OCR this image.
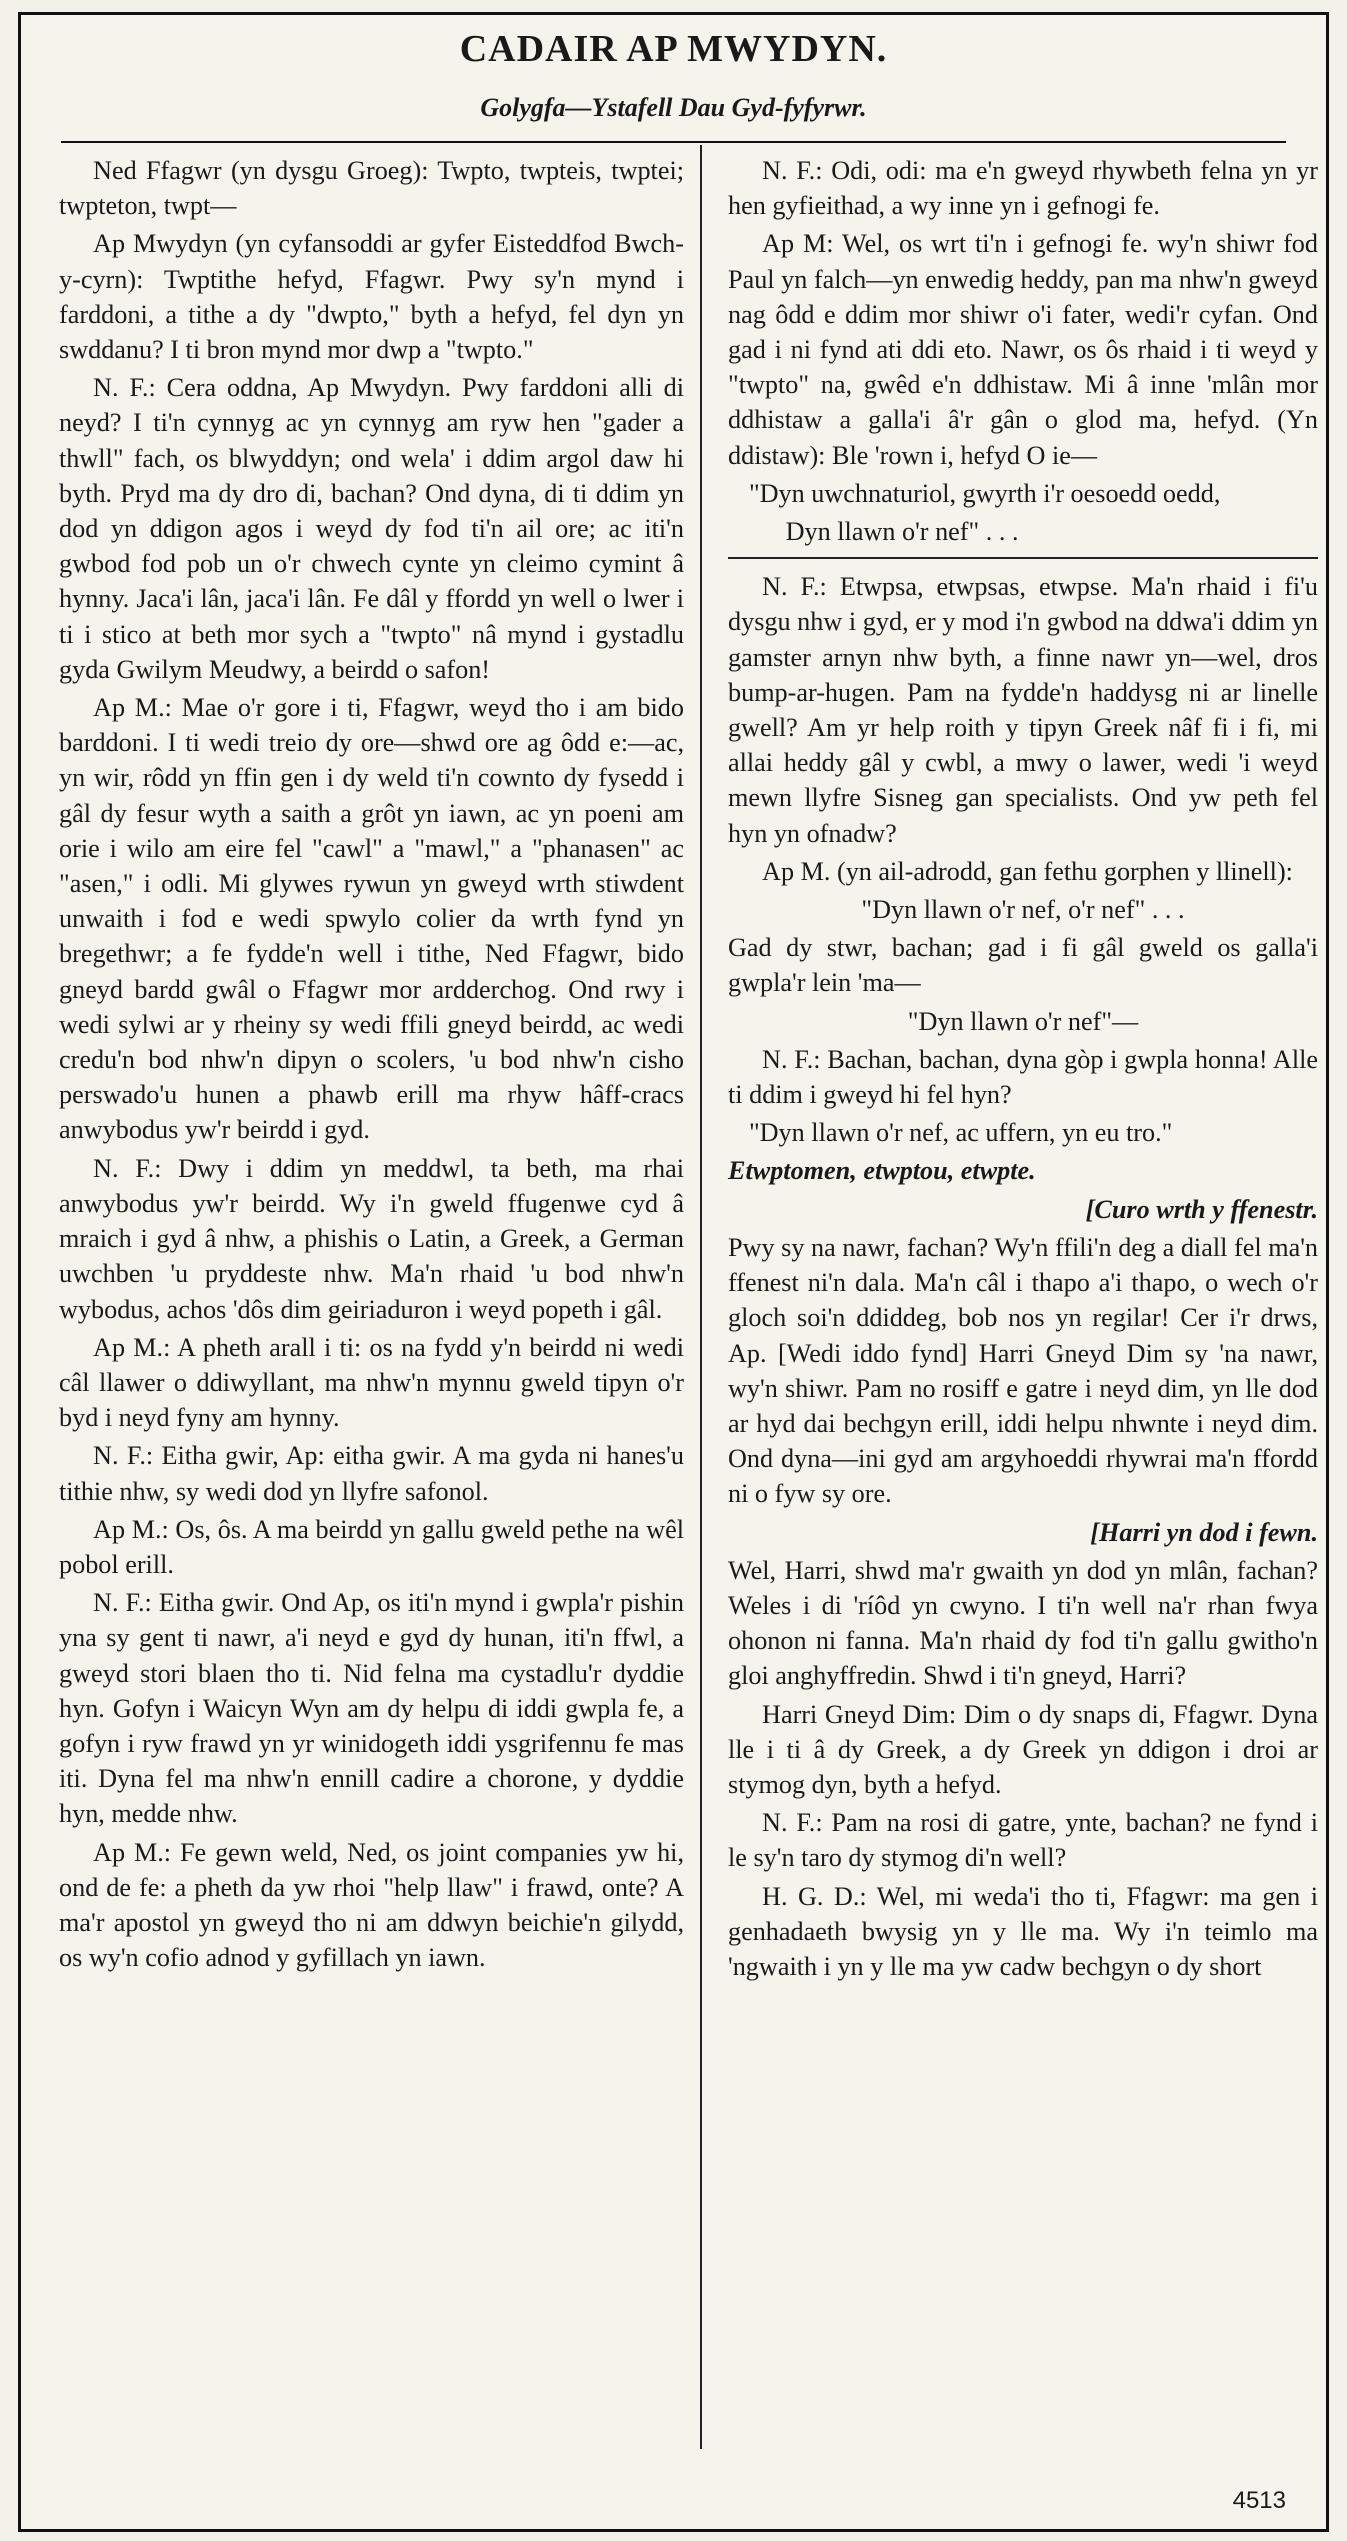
CADAIR AP MWYDYN.
Golygfa—Ystafell Dau Gyd-fyfyrwr.

Ned Ffagwr (yn dysgu Groeg): Twpto, twpteis, twptei; twpteton, twpt—

Ap Mwydyn (yn cyfansoddi ar gyfer Eisteddfod Bwch-y-cyrn): Twptithe hefyd, Ffagwr. Pwy sy'n mynd i farddoni, a tithe a dy "dwpto," byth a hefyd, fel dyn yn swddanu? I ti bron mynd mor dwp a "twpto."

N. F.: Cera oddna, Ap Mwydyn. Pwy farddoni alli di neyd? I ti'n cynnyg ac yn cynnyg am ryw hen "gader a thwll" fach, os blwyddyn; ond wela' i ddim argol daw hi byth. Pryd ma dy dro di, bachan? Ond dyna, di ti ddim yn dod yn ddigon agos i weyd dy fod ti'n ail ore; ac iti'n gwbod fod pob un o'r chwech cynte yn cleimo cymint â hynny. Jaca'i lân, jaca'i lân. Fe dâl y ffordd yn well o lwer i ti i stico at beth mor sych a "twpto" nâ mynd i gystadlu gyda Gwilym Meudwy, a beirdd o safon!

Ap M.: Mae o'r gore i ti, Ffagwr, weyd tho i am bido barddoni. I ti wedi treio dy ore—shwd ore ag ôdd e:—ac, yn wir, rôdd yn ffin gen i dy weld ti'n cownto dy fysedd i gâl dy fesur wyth a saith a grôt yn iawn, ac yn poeni am orie i wilo am eire fel "cawl" a "mawl," a "phanasen" ac "asen," i odli. Mi glywes rywun yn gweyd wrth stiwdent unwaith i fod e wedi spwylo colier da wrth fynd yn bregethwr; a fe fydde'n well i tithe, Ned Ffagwr, bido gneyd bardd gwâl o Ffagwr mor ardderchog. Ond rwy i wedi sylwi ar y rheiny sy wedi ffili gneyd beirdd, ac wedi credu'n bod nhw'n dipyn o scolers, 'u bod nhw'n cisho perswado'u hunen a phawb erill ma rhyw hâff-cracs anwybodus yw'r beirdd i gyd.

N. F.: Dwy i ddim yn meddwl, ta beth, ma rhai anwybodus yw'r beirdd. Wy i'n gweld ffugenwe cyd â mraich i gyd â nhw, a phishis o Latin, a Greek, a German uwchben 'u pryddeste nhw. Ma'n rhaid 'u bod nhw'n wybodus, achos 'dôs dim geiriaduron i weyd popeth i gâl.

Ap M.: A pheth arall i ti: os na fydd y'n beirdd ni wedi câl llawer o ddiwyllant, ma nhw'n mynnu gweld tipyn o'r byd i neyd fyny am hynny.

N. F.: Eitha gwir, Ap: eitha gwir. A ma gyda ni hanes'u tithie nhw, sy wedi dod yn llyfre safonol.

Ap M.: Os, ôs. A ma beirdd yn gallu gweld pethe na wêl pobol erill.

N. F.: Eitha gwir. Ond Ap, os iti'n mynd i gwpla'r pishin yna sy gent ti nawr, a'i neyd e gyd dy hunan, iti'n ffwl, a gweyd stori blaen tho ti. Nid felna ma cystadlu'r dyddie hyn. Gofyn i Waicyn Wyn am dy helpu di iddi gwpla fe, a gofyn i ryw frawd yn yr winidogeth iddi ysgrifennu fe mas iti. Dyna fel ma nhw'n ennill cadire a chorone, y dyddie hyn, medde nhw.

Ap M.: Fe gewn weld, Ned, os joint companies yw hi, ond de fe: a pheth da yw rhoi "help llaw" i frawd, onte? A ma'r apostol yn gweyd tho ni am ddwyn beichie'n gilydd, os wy'n cofio adnod y gyfillach yn iawn.

N. F.: Odi, odi: ma e'n gweyd rhywbeth felna yn yr hen gyfieithad, a wy inne yn i gefnogi fe.

Ap M: Wel, os wrt ti'n i gefnogi fe. wy'n shiwr fod Paul yn falch—yn enwedig heddy, pan ma nhw'n gweyd nag ôdd e ddim mor shiwr o'i fater, wedi'r cyfan. Ond gad i ni fynd ati ddi eto. Nawr, os ôs rhaid i ti weyd y "twpto" na, gwêd e'n ddhistaw. Mi â inne 'mlân mor ddhistaw a galla'i â'r gân o glod ma, hefyd. (Yn ddistaw): Ble 'rown i, hefyd O ie—

"Dyn uwchnaturiol, gwyrth i'r oesoedd oedd,

Dyn llawn o'r nef" . . .

N. F.: Etwpsa, etwpsas, etwpse. Ma'n rhaid i fi'u dysgu nhw i gyd, er y mod i'n gwbod na ddwa'i ddim yn gamster arnyn nhw byth, a finne nawr yn—wel, dros bump-ar-hugen. Pam na fydde'n haddysg ni ar linelle gwell? Am yr help roith y tipyn Greek nâf fi i fi, mi allai heddy gâl y cwbl, a mwy o lawer, wedi 'i weyd mewn llyfre Sisneg gan specialists. Ond yw peth fel hyn yn ofnadw?

Ap M. (yn ail-adrodd, gan fethu gorphen y llinell):

"Dyn llawn o'r nef, o'r nef" . . .

Gad dy stwr, bachan; gad i fi gâl gweld os galla'i gwpla'r lein 'ma—

"Dyn llawn o'r nef"—

N. F.: Bachan, bachan, dyna gòp i gwpla honna! Alle ti ddim i gweyd hi fel hyn?

"Dyn llawn o'r nef, ac uffern, yn eu tro."

Etwptomen, etwptou, etwpte.

[Curo wrth y ffenestr.

Pwy sy na nawr, fachan? Wy'n ffili'n deg a diall fel ma'n ffenest ni'n dala. Ma'n câl i thapo a'i thapo, o wech o'r gloch soi'n ddiddeg, bob nos yn regilar! Cer i'r drws, Ap. [Wedi iddo fynd] Harri Gneyd Dim sy 'na nawr, wy'n shiwr. Pam no rosiff e gatre i neyd dim, yn lle dod ar hyd dai bechgyn erill, iddi helpu nhwnte i neyd dim. Ond dyna—ini gyd am argyhoeddi rhywrai ma'n ffordd ni o fyw sy ore.

[Harri yn dod i fewn.

Wel, Harri, shwd ma'r gwaith yn dod yn mlân, fachan? Weles i di 'ríôd yn cwyno. I ti'n well na'r rhan fwya ohonon ni fanna. Ma'n rhaid dy fod ti'n gallu gwitho'n gloi anghyffredin. Shwd i ti'n gneyd, Harri?

Harri Gneyd Dim: Dim o dy snaps di, Ffagwr. Dyna lle i ti â dy Greek, a dy Greek yn ddigon i droi ar stymog dyn, byth a hefyd.

N. F.: Pam na rosi di gatre, ynte, bachan? ne fynd i le sy'n taro dy stymog di'n well?

H. G. D.: Wel, mi weda'i tho ti, Ffagwr: ma gen i genhadaeth bwysig yn y lle ma. Wy i'n teimlo ma 'ngwaith i yn y lle ma yw cadw bechgyn o dy short

4513
